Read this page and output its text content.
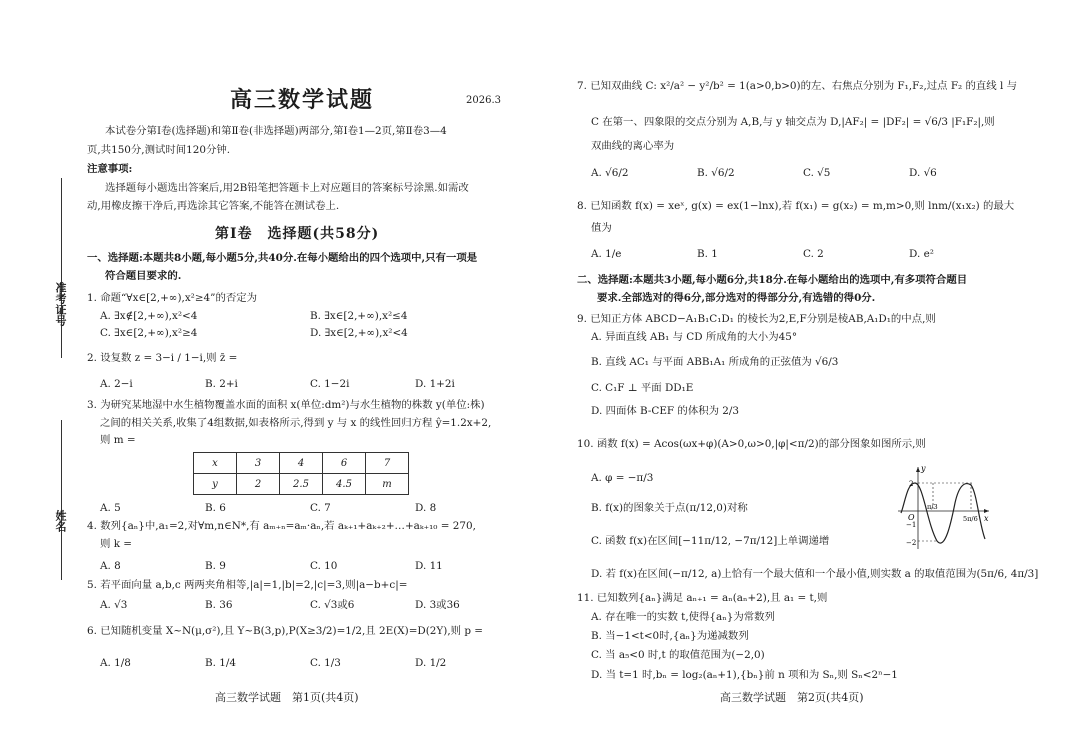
准考证号
姓名
高三数学试题	2026.3
本试卷分第Ⅰ卷(选择题)和第Ⅱ卷(非选择题)两部分,第Ⅰ卷1—2页,第Ⅱ卷3—4
页,共150分,测试时间120分钟.
注意事项:
选择题每小题选出答案后,用2B铅笔把答题卡上对应题目的答案标号涂黑.如需改
动,用橡皮擦干净后,再选涂其它答案,不能答在测试卷上.
第Ⅰ卷　选择题(共58分)
一、选择题:本题共8小题,每小题5分,共40分.在每小题给出的四个选项中,只有一项是
符合题目要求的.
1. 命题“∀x∈[2,+∞),x²≥4”的否定为
A. ∃x∉[2,+∞),x²<4	B. ∃x∈[2,+∞),x²≤4
C. ∃x∈[2,+∞),x²≥4	D. ∃x∈[2,+∞),x²<4
2. 设复数 z = 3−i / 1−i,则 z̄ =
A. 2−i	B. 2+i	C. 1−2i	D. 1+2i
3. 为研究某地湿中水生植物覆盖水面的面积 x(单位:dm²)与水生植物的株数 y(单位:株)
之间的相关关系,收集了4组数据,如表格所示,得到 y 与 x 的线性回归方程 ŷ=1.2x+2,
则 m =
x	3	4	6	7
y	2	2.5	4.5	m
A. 5	B. 6	C. 7	D. 8
4. 数列{aₙ}中,a₁=2,对∀m,n∈N*,有 aₘ₊ₙ=aₘ·aₙ,若 aₖ₊₁+aₖ₊₂+…+aₖ₊₁₀ = 270,
则 k =
A. 8	B. 9	C. 10	D. 11
5. 若平面向量 a,b,c 两两夹角相等,|a|=1,|b|=2,|c|=3,则|a−b+c|=
A. √3	B. 36	C. √3或6	D. 3或36
6. 已知随机变量 X~N(μ,σ²),且 Y~B(3,p),P(X≥3/2)=1/2,且 2E(X)=D(2Y),则 p =
A. 1/8	B. 1/4	C. 1/3	D. 1/2
高三数学试题　第1页(共4页)
7. 已知双曲线 C: x²/a² − y²/b² = 1(a>0,b>0)的左、右焦点分别为 F₁,F₂,过点 F₂ 的直线 l 与
C 在第一、四象限的交点分别为 A,B,与 y 轴交点为 D,|AF₂| = |DF₂| = √6/3 |F₁F₂|,则
双曲线的离心率为
A. √6/2	B. √6/2	C. √5	D. √6
8. 已知函数 f(x) = xeˣ, g(x) = ex(1−lnx),若 f(x₁) = g(x₂) = m,m>0,则 lnm/(x₁x₂) 的最大
值为
A. 1/e	B. 1	C. 2	D. e²
二、选择题:本题共3小题,每小题6分,共18分.在每小题给出的选项中,有多项符合题目
要求.全部选对的得6分,部分选对的得部分分,有选错的得0分.
9. 已知正方体 ABCD−A₁B₁C₁D₁ 的棱长为2,E,F分别是棱AB,A₁D₁的中点,则
A. 异面直线 AB₁ 与 CD 所成角的大小为45°
B. 直线 AC₁ 与平面 ABB₁A₁ 所成角的正弦值为 √6/3
C. C₁F ⊥ 平面 DD₁E
D. 四面体 B-CEF 的体积为 2/3
10. 函数 f(x) = Acos(ωx+φ)(A>0,ω>0,|φ|<π/2)的部分图象如图所示,则
A. φ = −π/3
B. f(x)的图象关于点(π/12,0)对称
C. 函数 f(x)在区间[−11π/12, −7π/12]上单调递增
D. 若 f(x)在区间(−π/12, a)上恰有一个最大值和一个最小值,则实数 a 的取值范围为(5π/6, 4π/3]
y
x
O
2
−1
−2
π/3
5π/6
11. 已知数列{aₙ}满足 aₙ₊₁ = aₙ(aₙ+2),且 a₁ = t,则
A. 存在唯一的实数 t,使得{aₙ}为常数列
B. 当−1<t<0时,{aₙ}为递减数列
C. 当 a₅<0 时,t 的取值范围为(−2,0)
D. 当 t=1 时,bₙ = log₂(aₙ+1),{bₙ}前 n 项和为 Sₙ,则 Sₙ<2ⁿ−1
高三数学试题　第2页(共4页)
